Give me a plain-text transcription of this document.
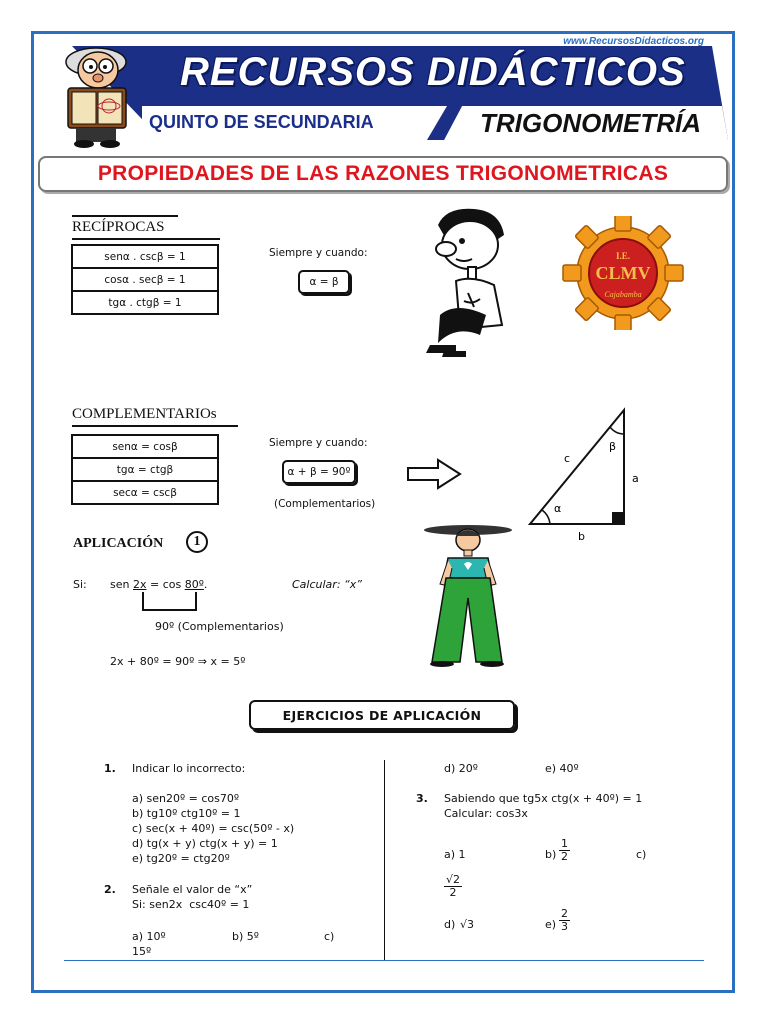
www.RecursosDidacticos.org
RECURSOS DIDÁCTICOS
QUINTO DE SECUNDARIA	TRIGONOMETRÍA
PROPIEDADES DE LAS RAZONES TRIGONOMETRICAS
RECÍPROCAS
senα . cscβ = 1
cosα . secβ = 1
tgα . ctgβ = 1
Siempre y cuando:
α = β
I.E.
CLMV
Cajabamba
COMPLEMENTARIOs
senα = cosβ
tgα = ctgβ
secα = cscβ
Siempre y cuando:
α + β = 90º
(Complementarios)
c
a
b
α
β
APLICACIÓN	1
Si: sen 2x = cos 80º.	Calcular: “x”
90º (Complementarios)
2x + 80º = 90º ⇒ x = 5º
EJERCICIOS DE APLICACIÓN
1. Indicar lo incorrecto:
a) sen20º = cos70º
b) tg10º ctg10º = 1
c) sec(x + 40º) = csc(50º - x)
d) tg(x + y) ctg(x + y) = 1
e) tg20º = ctg20º
2. Señale el valor de “x”
Si: sen2x  csc40º = 1
a) 10º	b) 5º	c)
15º
d) 20º	e) 40º
3. Sabiendo que tg5x ctg(x + 40º) = 1
Calcular: cos3x
a) 1	$b) \frac{1}{2}$	c)
$\frac{√2}{2}$
d) √3	$e) \frac{2}{3}$
